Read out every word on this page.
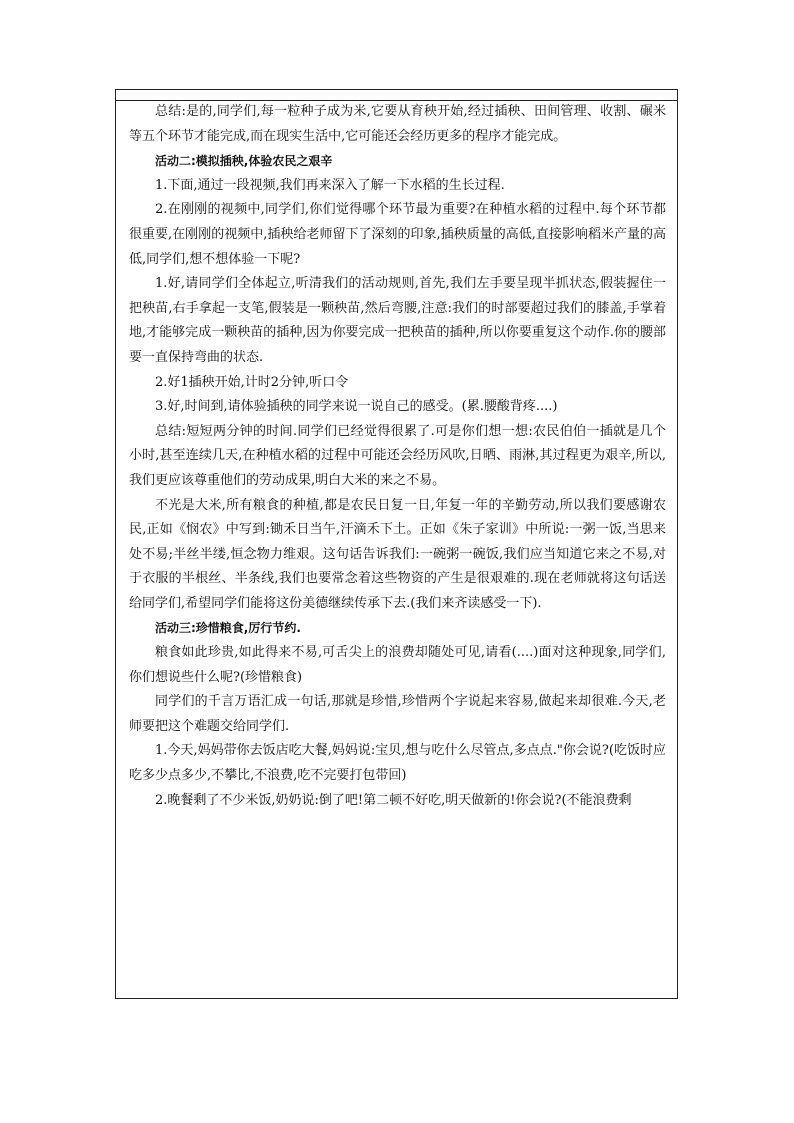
总结:是的,同学们,每一粒种子成为米,它要从育秧开始,经过插秧、田间管理、收割、碾米等五个环节才能完成,而在现实生活中,它可能还会经历更多的程序才能完成。

活动二:模拟插秧,体验农民之艰辛

1.下面,通过一段视频,我们再来深入了解一下水稻的生长过程.

2.在刚刚的视频中,同学们,你们觉得哪个环节最为重要?在种植水稻的过程中.每个环节都很重要,在刚刚的视频中,插秧给老师留下了深刻的印象,插秧质量的高低,直接影响稻米产量的高低,同学们,想不想体验一下呢?

1.好,请同学们全体起立,听清我们的活动规则,首先,我们左手要呈现半抓状态,假装握住一把秧苗,右手拿起一支笔,假装是一颗秧苗,然后弯腰,注意:我们的时部要超过我们的膝盖,手掌着地,才能够完成一颗秧苗的插种,因为你要完成一把秧苗的插种,所以你要重复这个动作.你的腰部要一直保持弯曲的状态.

2.好1插秧开始,计时2分钟,听口令

3.好,时间到,请体验插秧的同学来说一说自己的感受。(累.腰酸背疼....)

总结:短短两分钟的时间.同学们已经觉得很累了.可是你们想一想:农民伯伯一插就是几个小时,甚至连续几天,在种植水稻的过程中可能还会经历风吹,日晒、雨淋,其过程更为艰辛,所以,我们更应该尊重他们的劳动成果,明白大米的来之不易。

不光是大米,所有粮食的种植,都是农民日复一日,年复一年的辛勤劳动,所以我们要感谢农民,正如《悯农》中写到:锄禾日当午,汗滴禾下土。正如《朱子家训》中所说:一粥一饭,当思来处不易;半丝半缕,恒念物力维艰。这句话告诉我们:一碗粥一碗饭,我们应当知道它来之不易,对于衣服的半根丝、半条线,我们也要常念着这些物资的产生是很艰难的.现在老师就将这句话送给同学们,希望同学们能将这份美德继续传承下去.(我们来齐读感受一下).

活动三:珍惜粮食,厉行节约.

粮食如此珍贵,如此得来不易,可舌尖上的浪费却随处可见,请看(....)面对这种现象,同学们,你们想说些什么呢?(珍惜粮食)

同学们的千言万语汇成一句话,那就是珍惜,珍惜两个字说起来容易,做起来却很难.今天,老师要把这个难题交给同学们.

1.今天,妈妈带你去饭店吃大餐,妈妈说:宝贝,想与吃什么尽管点,多点点."你会说?(吃饭时应吃多少点多少,不攀比,不浪费,吃不完要打包带回)

2.晚餐剩了不少米饭,奶奶说:倒了吧!第二顿不好吃,明天做新的!你会说?(不能浪费剩
